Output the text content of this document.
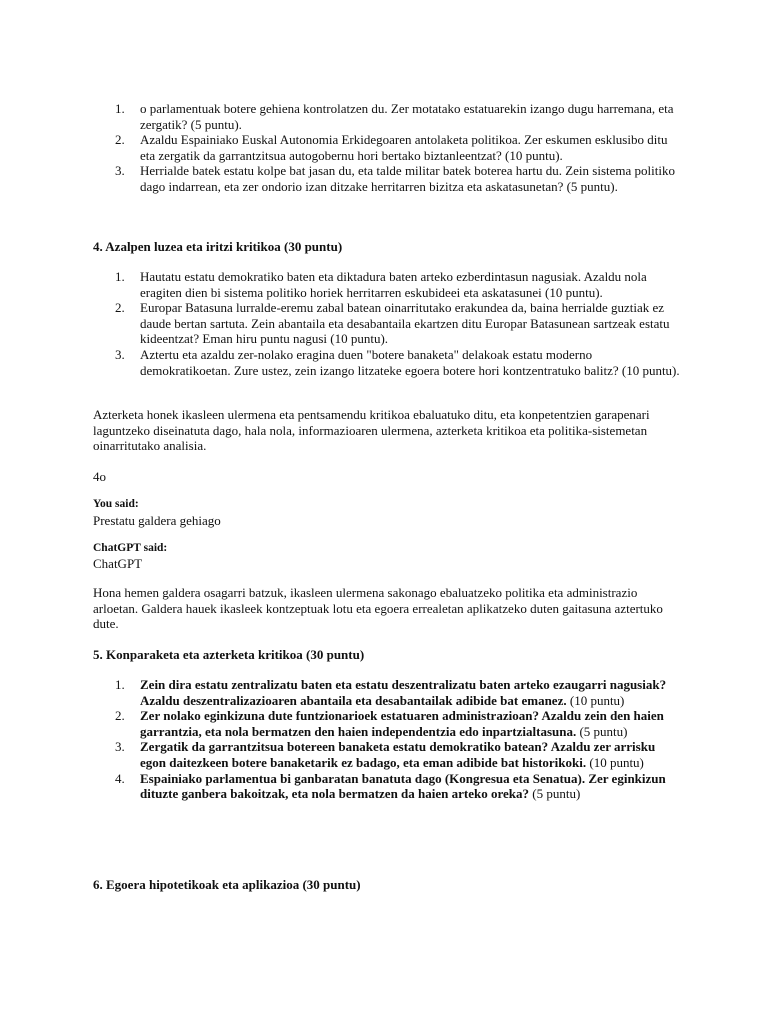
1. o parlamentuak botere gehiena kontrolatzen du. Zer motatako estatuarekin izango dugu harremana, eta zergatik? (5 puntu).
2. Azaldu Espainiako Euskal Autonomia Erkidegoaren antolaketa politikoa. Zer eskumen esklusibo ditu eta zergatik da garrantzitsua autogobernu hori bertako biztanleentzat? (10 puntu).
3. Herrialde batek estatu kolpe bat jasan du, eta talde militar batek boterea hartu du. Zein sistema politiko dago indarrean, eta zer ondorio izan ditzake herritarren bizitza eta askatasunetan? (5 puntu).

4. Azalpen luzea eta iritzi kritikoa (30 puntu)

1. Hautatu estatu demokratiko baten eta diktadura baten arteko ezberdintasun nagusiak. Azaldu nola eragiten dien bi sistema politiko horiek herritarren eskubideei eta askatasunei (10 puntu).
2. Europar Batasuna lurralde-eremu zabal batean oinarritutako erakundea da, baina herrialde guztiak ez daude bertan sartuta. Zein abantaila eta desabantaila ekartzen ditu Europar Batasunean sartzeak estatu kideentzat? Eman hiru puntu nagusi (10 puntu).
3. Aztertu eta azaldu zer-nolako eragina duen "botere banaketa" delakoak estatu moderno demokratikoetan. Zure ustez, zein izango litzateke egoera botere hori kontzentratuko balitz? (10 puntu).

Azterketa honek ikasleen ulermena eta pentsamendu kritikoa ebaluatuko ditu, eta konpetentzien garapenari laguntzeko diseinatuta dago, hala nola, informazioaren ulermena, azterketa kritikoa eta politika-sistemetan oinarritutako analisia.

4o

You said:

Prestatu galdera gehiago

ChatGPT said:

ChatGPT

Hona hemen galdera osagarri batzuk, ikasleen ulermena sakonago ebaluatzeko politika eta administrazio arloetan. Galdera hauek ikasleek kontzeptuak lotu eta egoera errealetan aplikatzeko duten gaitasuna aztertuko dute.

5. Konparaketa eta azterketa kritikoa (30 puntu)

1. Zein dira estatu zentralizatu baten eta estatu deszentralizatu baten arteko ezaugarri nagusiak? Azaldu deszentralizazioaren abantaila eta desabantailak adibide bat emanez. (10 puntu)
2. Zer nolako eginkizuna dute funtzionarioek estatuaren administrazioan? Azaldu zein den haien garrantzia, eta nola bermatzen den haien independentzia edo inpartzialtasuna. (5 puntu)
3. Zergatik da garrantzitsua botereen banaketa estatu demokratiko batean? Azaldu zer arrisku egon daitezkeen botere banaketarik ez badago, eta eman adibide bat historikoki. (10 puntu)
4. Espainiako parlamentua bi ganbaratan banatuta dago (Kongresua eta Senatua). Zer eginkizun dituzte ganbera bakoitzak, eta nola bermatzen da haien arteko oreka? (5 puntu)

6. Egoera hipotetikoak eta aplikazioa (30 puntu)
